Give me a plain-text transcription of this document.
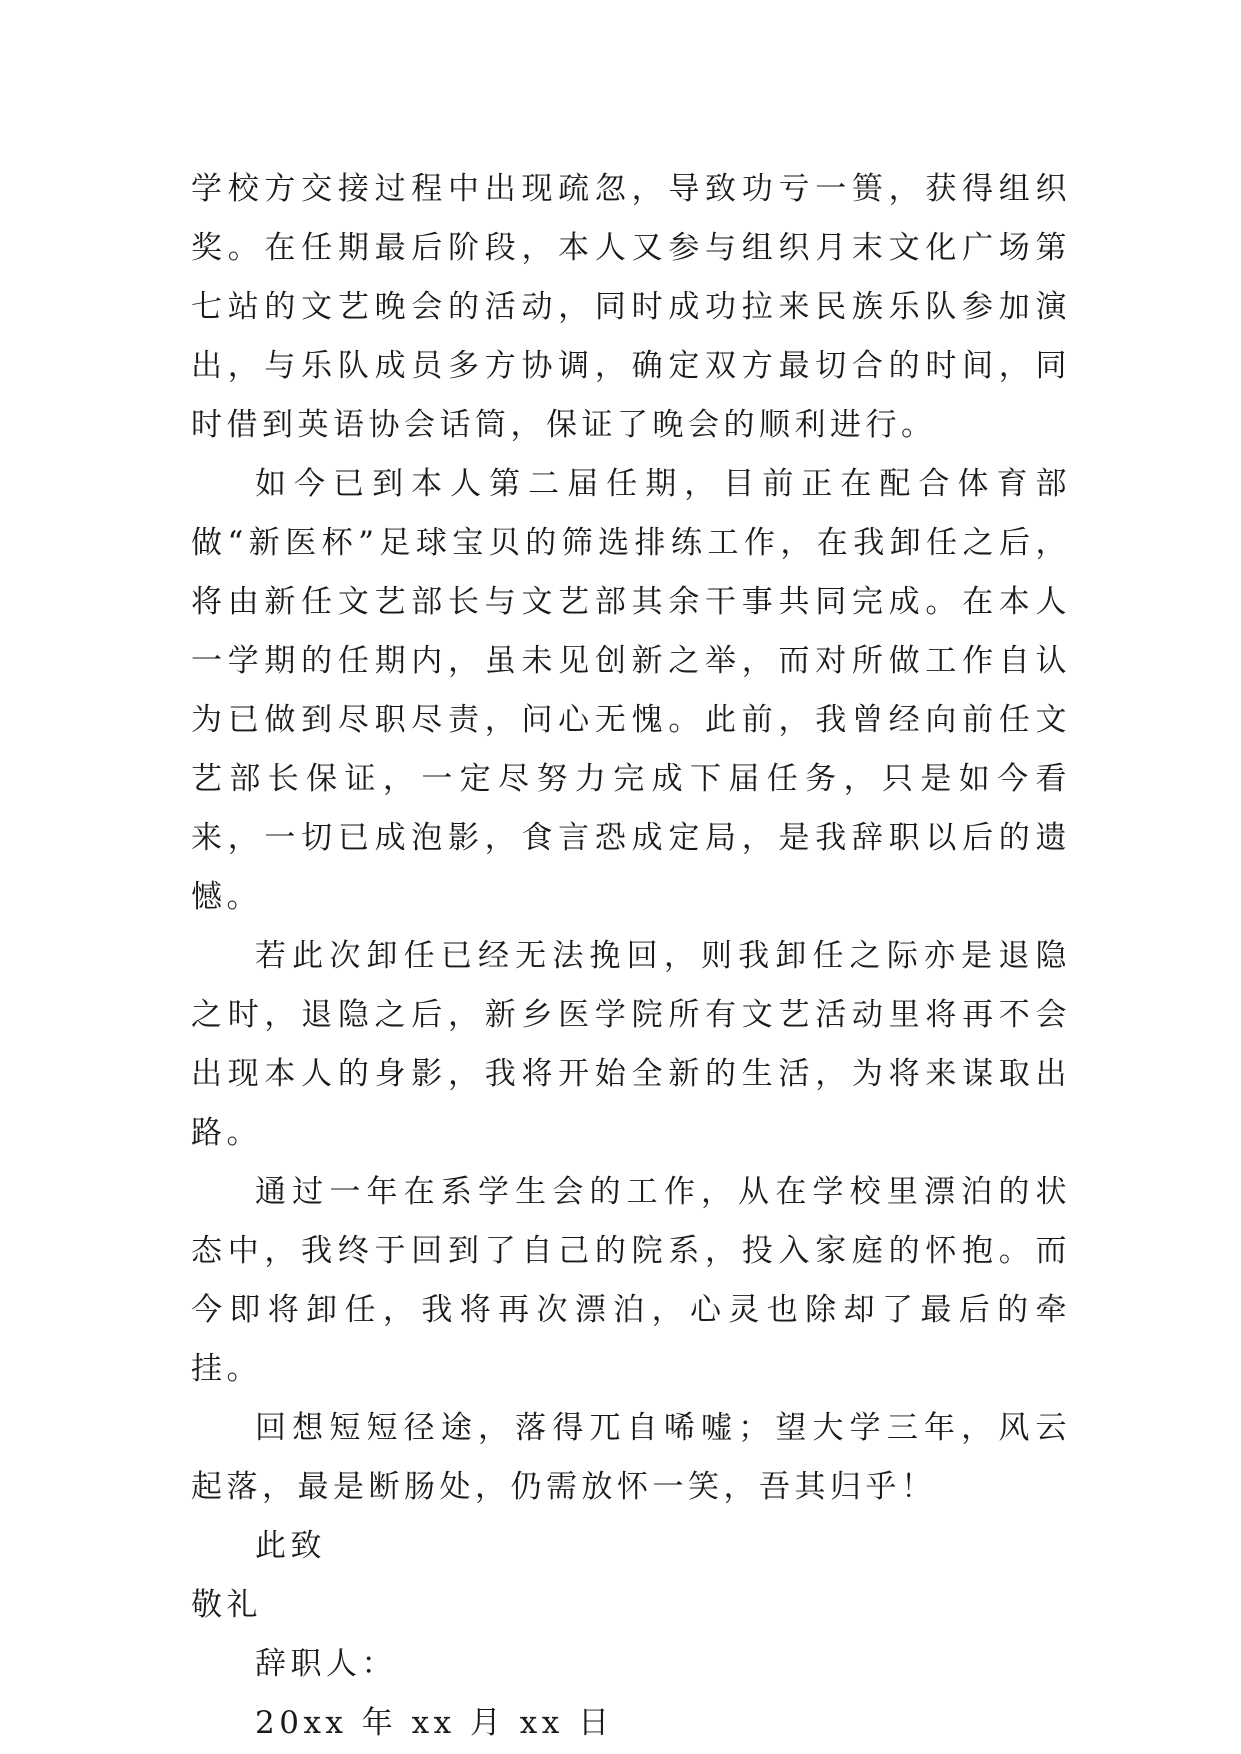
学校方交接过程中出现疏忽，导致功亏一篑，获得组织奖。在任期最后阶段，本人又参与组织月末文化广场第七站的文艺晚会的活动，同时成功拉来民族乐队参加演出，与乐队成员多方协调，确定双方最切合的时间，同时借到英语协会话筒，保证了晚会的顺利进行。

如今已到本人第二届任期，目前正在配合体育部做“新医杯”足球宝贝的筛选排练工作，在我卸任之后，将由新任文艺部长与文艺部其余干事共同完成。在本人一学期的任期内，虽未见创新之举，而对所做工作自认为已做到尽职尽责，问心无愧。此前，我曾经向前任文艺部长保证，一定尽努力完成下届任务，只是如今看来，一切已成泡影，食言恐成定局，是我辞职以后的遗憾。

若此次卸任已经无法挽回，则我卸任之际亦是退隐之时，退隐之后，新乡医学院所有文艺活动里将再不会出现本人的身影，我将开始全新的生活，为将来谋取出路。

通过一年在系学生会的工作，从在学校里漂泊的状态中，我终于回到了自己的院系，投入家庭的怀抱。而今即将卸任，我将再次漂泊，心灵也除却了最后的牵挂。

回想短短径途，落得兀自唏嘘；望大学三年，风云起落，最是断肠处，仍需放怀一笑，吾其归乎！

此致

敬礼

辞职人：

20xx 年 xx 月 xx 日
